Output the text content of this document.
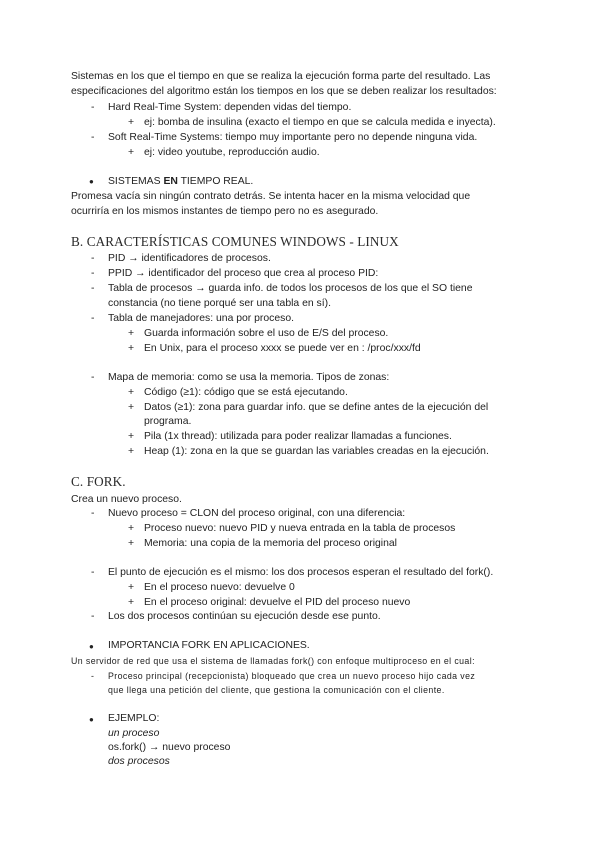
Sistemas en los que el tiempo en que se realiza la ejecución forma parte del resultado. Las
especificaciones del algoritmo están los tiempos en los que se deben realizar los resultados:
- Hard Real-Time System: dependen vidas del tiempo.
+ ej: bomba de insulina (exacto el tiempo en que se calcula medida e inyecta).
- Soft Real-Time Systems: tiempo muy importante pero no depende ninguna vida.
+ ej: video youtube, reproducción audio.
● SISTEMAS EN TIEMPO REAL.
Promesa vacía sin ningún contrato detrás. Se intenta hacer en la misma velocidad que
ocurriría en los mismos instantes de tiempo pero no es asegurado.
B. CARACTERÍSTICAS COMUNES WINDOWS - LINUX
- PID → identificadores de procesos.
- PPID → identificador del proceso que crea al proceso PID:
- Tabla de procesos → guarda info. de todos los procesos de los que el SO tiene
constancia (no tiene porqué ser una tabla en sí).
- Tabla de manejadores: una por proceso.
+ Guarda información sobre el uso de E/S del proceso.
+ En Unix, para el proceso xxxx se puede ver en : /proc/xxx/fd
- Mapa de memoria: como se usa la memoria. Tipos de zonas:
+ Código (≥1): código que se está ejecutando.
+ Datos (≥1): zona para guardar info. que se define antes de la ejecución del
programa.
+ Pila (1x thread): utilizada para poder realizar llamadas a funciones.
+ Heap (1): zona en la que se guardan las variables creadas en la ejecución.
C. FORK.
Crea un nuevo proceso.
- Nuevo proceso = CLON del proceso original, con una diferencia:
+ Proceso nuevo: nuevo PID y nueva entrada en la tabla de procesos
+ Memoria: una copia de la memoria del proceso original
- El punto de ejecución es el mismo: los dos procesos esperan el resultado del fork().
+ En el proceso nuevo: devuelve 0
+ En el proceso original: devuelve el PID del proceso nuevo
- Los dos procesos continúan su ejecución desde ese punto.
● IMPORTANCIA FORK EN APLICACIONES.
Un servidor de red que usa el sistema de llamadas fork() con enfoque multiproceso en el cual:
- Proceso principal (recepcionista) bloqueado que crea un nuevo proceso hijo cada vez
que llega una petición del cliente, que gestiona la comunicación con el cliente.
● EJEMPLO:
un proceso
os.fork() → nuevo proceso
dos procesos
